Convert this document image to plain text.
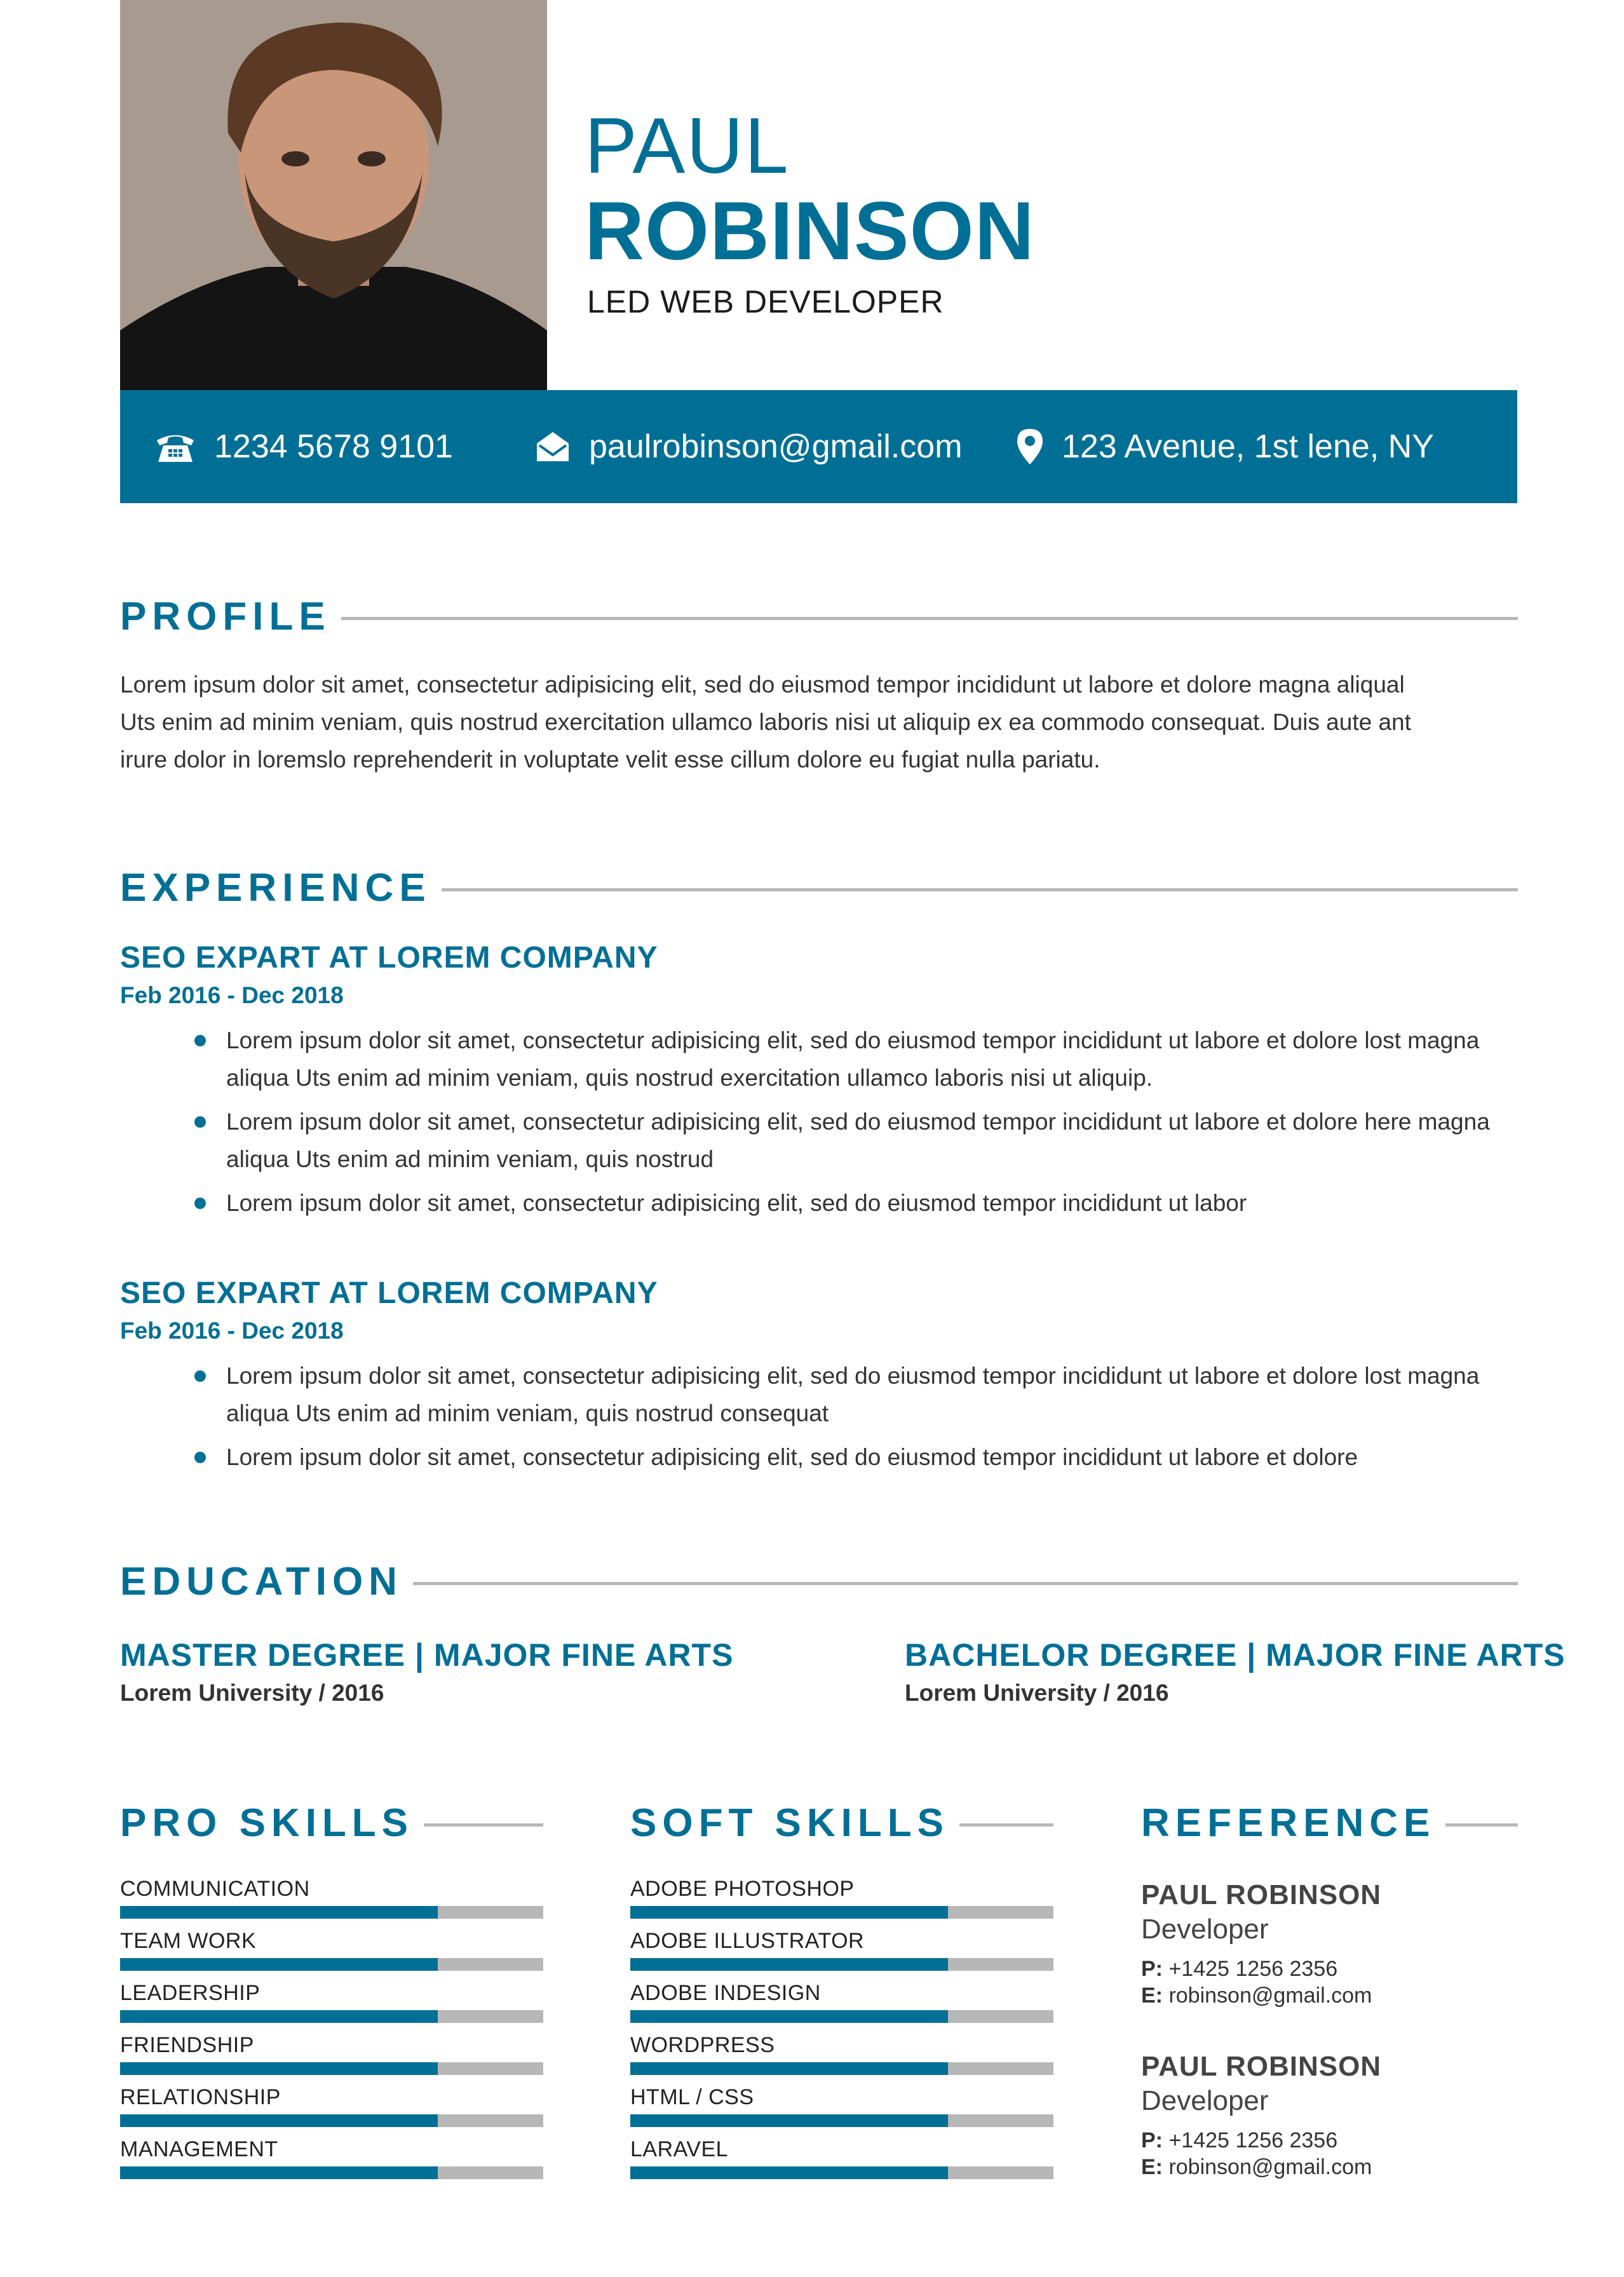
PAUL
ROBINSON
LED WEB DEVELOPER
1234 5678 9101	paulrobinson@gmail.com	123 Avenue, 1st lene, NY
PROFILE
Lorem ipsum dolor sit amet, consectetur adipisicing elit, sed do eiusmod tempor incididunt ut labore et dolore magna aliqual
Uts enim ad minim veniam, quis nostrud exercitation ullamco laboris nisi ut aliquip ex ea commodo consequat. Duis aute ant
irure dolor in loremslo reprehenderit in voluptate velit esse cillum dolore eu fugiat nulla pariatu.
EXPERIENCE
SEO EXPART AT LOREM COMPANY
Feb 2016 - Dec 2018
Lorem ipsum dolor sit amet, consectetur adipisicing elit, sed do eiusmod tempor incididunt ut labore et dolore lost magna aliqua Uts enim ad minim veniam, quis nostrud exercitation ullamco laboris nisi ut aliquip.
Lorem ipsum dolor sit amet, consectetur adipisicing elit, sed do eiusmod tempor incididunt ut labore et dolore here magna aliqua Uts enim ad minim veniam, quis nostrud
Lorem ipsum dolor sit amet, consectetur adipisicing elit, sed do eiusmod tempor incididunt ut labor
SEO EXPART AT LOREM COMPANY
Feb 2016 - Dec 2018
Lorem ipsum dolor sit amet, consectetur adipisicing elit, sed do eiusmod tempor incididunt ut labore et dolore lost magna aliqua Uts enim ad minim veniam, quis nostrud consequat
Lorem ipsum dolor sit amet, consectetur adipisicing elit, sed do eiusmod tempor incididunt ut labore et dolore
EDUCATION
MASTER DEGREE | MAJOR FINE ARTS
Lorem University / 2016
BACHELOR DEGREE | MAJOR FINE ARTS
Lorem University / 2016
PRO SKILLS
COMMUNICATION
TEAM WORK
LEADERSHIP
FRIENDSHIP
RELATIONSHIP
MANAGEMENT
SOFT SKILLS
ADOBE PHOTOSHOP
ADOBE ILLUSTRATOR
ADOBE INDESIGN
WORDPRESS
HTML / CSS
LARAVEL
REFERENCE
PAUL ROBINSON
Developer
P: +1425 1256 2356
E: robinson@gmail.com
PAUL ROBINSON
Developer
P: +1425 1256 2356
E: robinson@gmail.com
